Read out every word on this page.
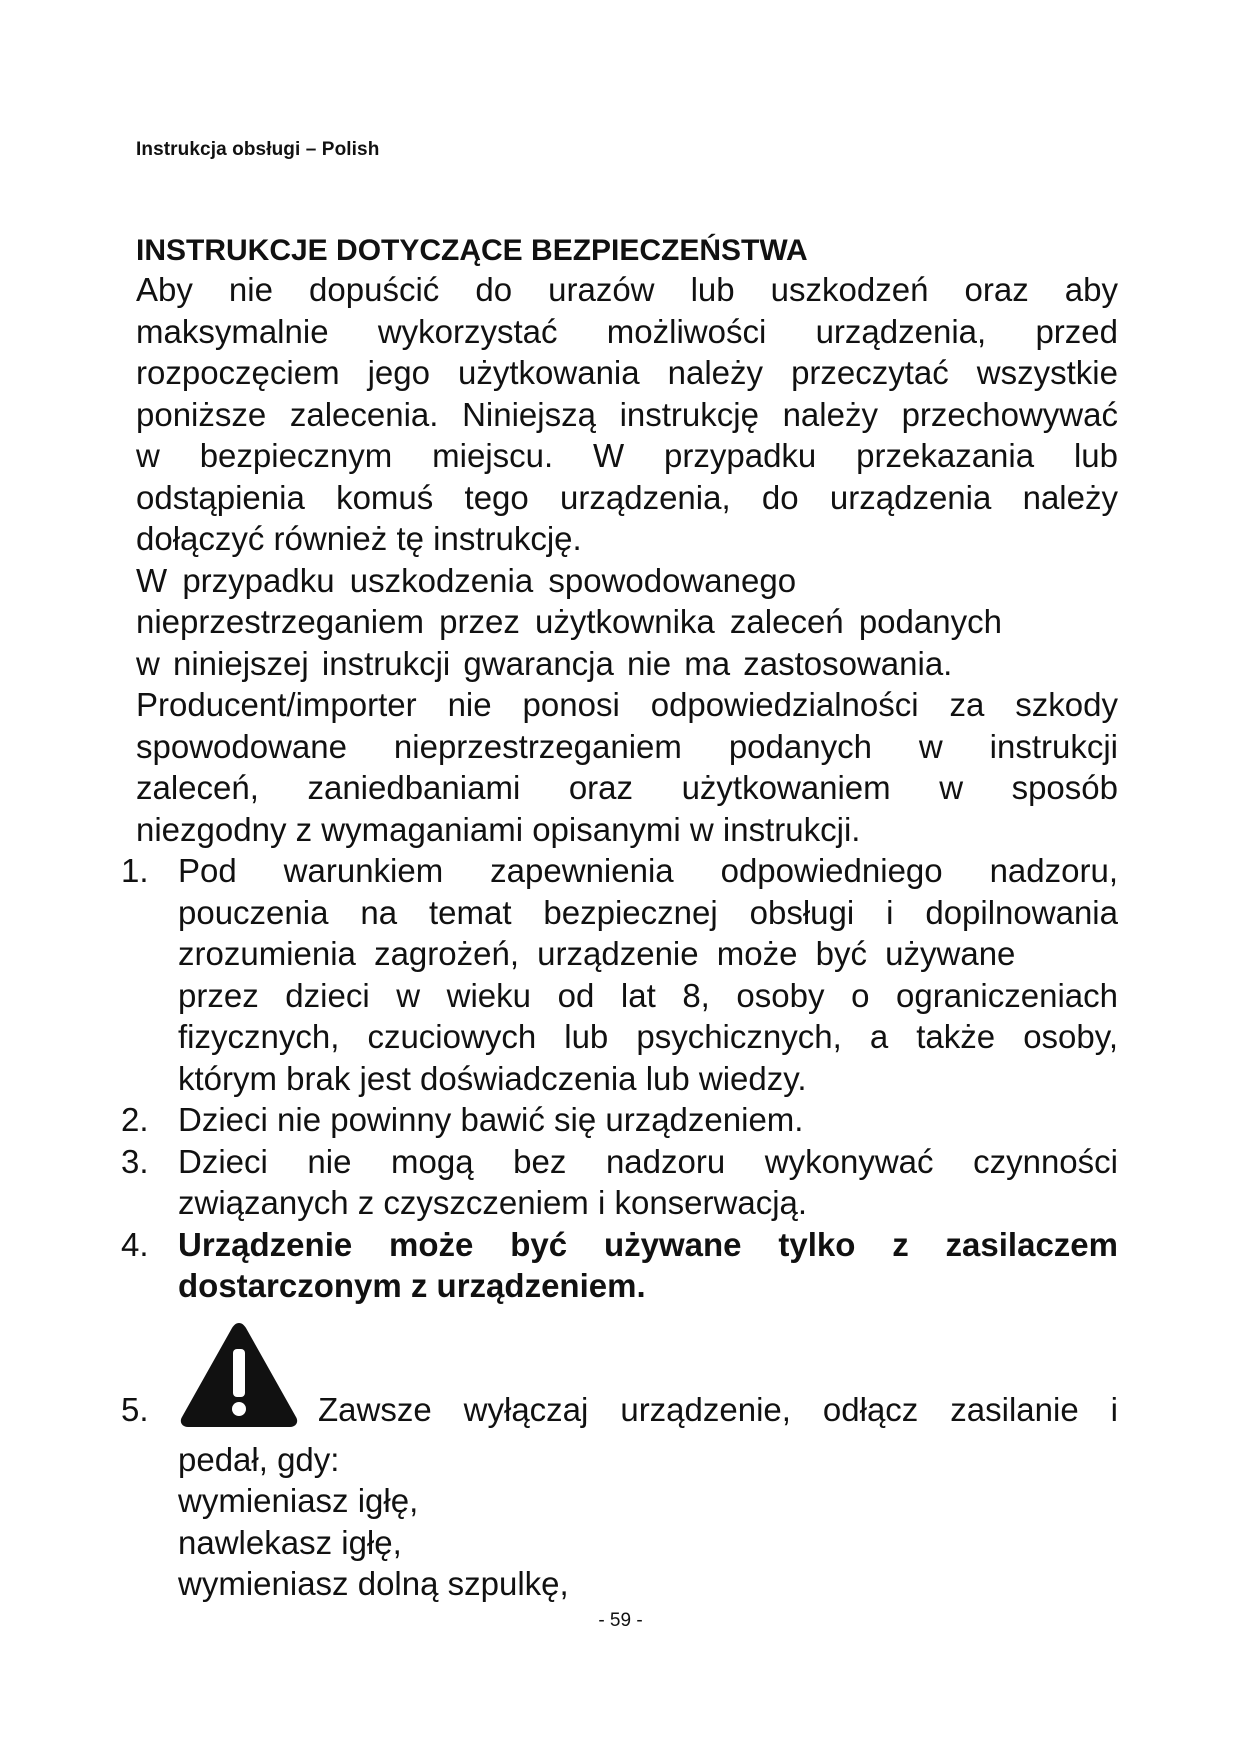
Instrukcja obsługi – Polish
INSTRUKCJE DOTYCZĄCE BEZPIECZEŃSTWA
Aby nie dopuścić do urazów lub uszkodzeń oraz aby
maksymalnie wykorzystać możliwości urządzenia, przed
rozpoczęciem jego użytkowania należy przeczytać wszystkie
poniższe zalecenia. Niniejszą instrukcję należy przechowywać
w bezpiecznym miejscu. W przypadku przekazania lub
odstąpienia komuś tego urządzenia, do urządzenia należy
dołączyć również tę instrukcję.
W przypadku uszkodzenia spowodowanego
nieprzestrzeganiem przez użytkownika zaleceń podanych
w niniejszej instrukcji gwarancja nie ma zastosowania.
Producent/importer nie ponosi odpowiedzialności za szkody
spowodowane nieprzestrzeganiem podanych w instrukcji
zaleceń, zaniedbaniami oraz użytkowaniem w sposób
niezgodny z wymaganiami opisanymi w instrukcji.
1. Pod warunkiem zapewnienia odpowiedniego nadzoru,
pouczenia na temat bezpiecznej obsługi i dopilnowania
zrozumienia zagrożeń, urządzenie może być używane
przez dzieci w wieku od lat 8, osoby o ograniczeniach
fizycznych, czuciowych lub psychicznych, a także osoby,
którym brak jest doświadczenia lub wiedzy.
2. Dzieci nie powinny bawić się urządzeniem.
3. Dzieci nie mogą bez nadzoru wykonywać czynności
związanych z czyszczeniem i konserwacją.
4. Urządzenie może być używane tylko z zasilaczem
dostarczonym z urządzeniem.
5.	Zawsze wyłączaj urządzenie, odłącz zasilanie i
pedał, gdy:
wymieniasz igłę,
nawlekasz igłę,
wymieniasz dolną szpulkę,
- 59 -
